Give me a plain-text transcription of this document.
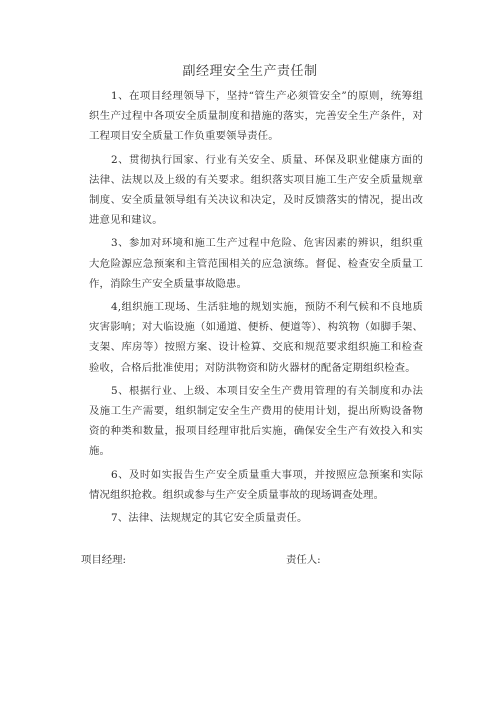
副经理安全生产责任制

1、在项目经理领导下，坚持“管生产必须管安全”的原则，统筹组织生产过程中各项安全质量制度和措施的落实，完善安全生产条件，对工程项目安全质量工作负重要领导责任。

2、贯彻执行国家、行业有关安全、质量、环保及职业健康方面的法律、法规以及上级的有关要求。组织落实项目施工生产安全质量规章制度、安全质量领导组有关决议和决定，及时反馈落实的情况，提出改进意见和建议。

3、参加对环境和施工生产过程中危险、危害因素的辨识，组织重大危险源应急预案和主管范围相关的应急演练。督促、检查安全质量工作，消除生产安全质量事故隐患。

4,组织施工现场、生活驻地的规划实施，预防不利气候和不良地质灾害影响；对大临设施（如通道、便桥、便道等）、构筑物（如脚手架、支架、库房等）按照方案、设计检算、交底和规范要求组织施工和检查验收，合格后批准使用；对防洪物资和防火器材的配备定期组织检查。

5、根据行业、上级、本项目安全生产费用管理的有关制度和办法及施工生产需要，组织制定安全生产费用的使用计划，提出所购设备物资的种类和数量，报项目经理审批后实施，确保安全生产有效投入和实施。

6、及时如实报告生产安全质量重大事项，并按照应急预案和实际情况组织抢救。组织或参与生产安全质量事故的现场调查处理。

7、法律、法规规定的其它安全质量责任。

项目经理:	责任人:
